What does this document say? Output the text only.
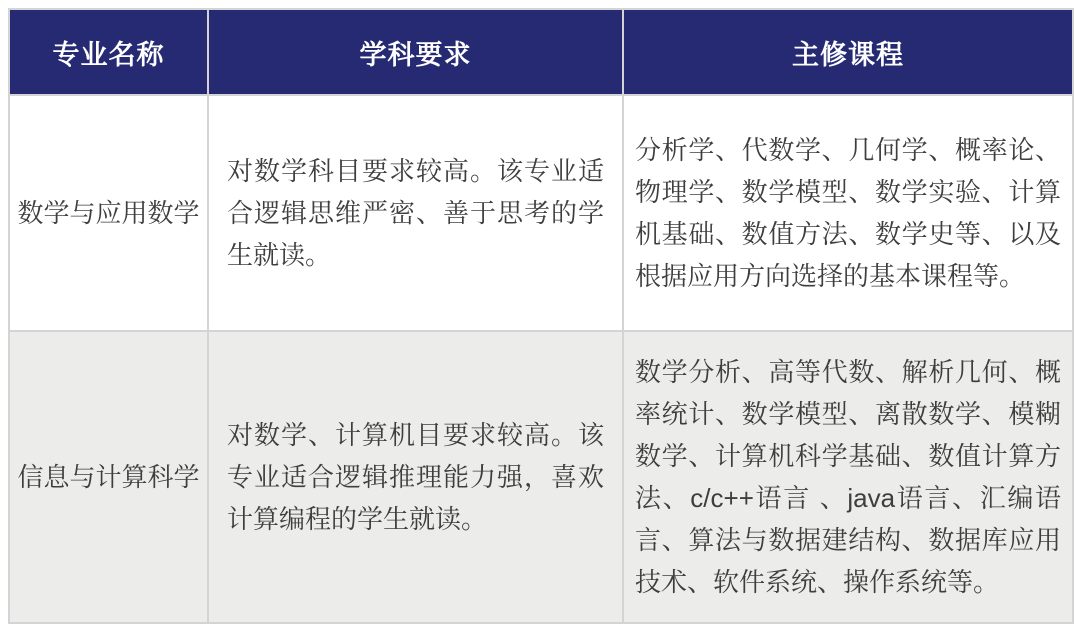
专业名称	学科要求	主修课程
数学与应用数学	对数学科目要求较高。该专业适合逻辑思维严密、善于思考的学生就读。	分析学、代数学、几何学、概率论、物理学、数学模型、数学实验、计算机基础、数值方法、数学史等、以及根据应用方向选择的基本课程等。
信息与计算科学	对数学、计算机目要求较高。该专业适合逻辑推理能力强，喜欢计算编程的学生就读。	数学分析、高等代数、解析几何、概率统计、数学模型、离散数学、模糊数学、计算机科学基础、数值计算方法、c/c++语言 、java语言、汇编语言、算法与数据建结构、数据库应用技术、软件系统、操作系统等。
